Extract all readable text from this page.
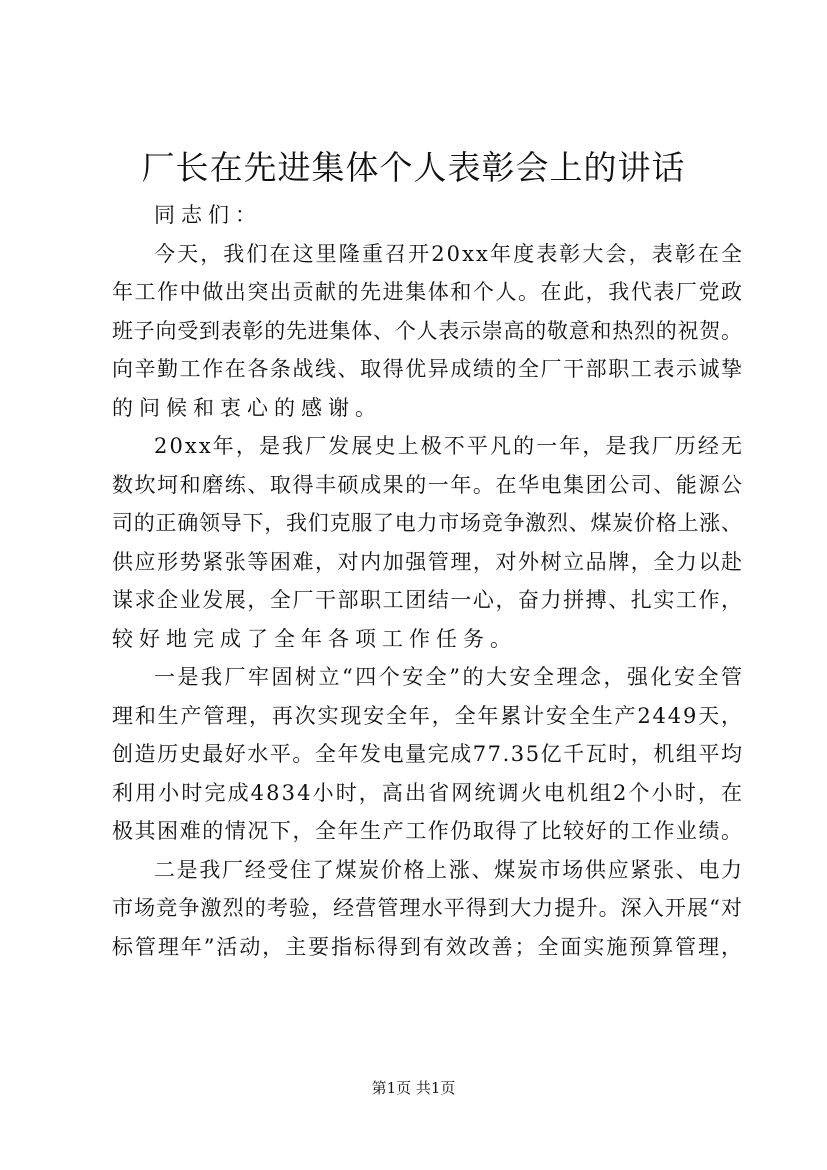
厂长在先进集体个人表彰会上的讲话
同志们：
今天，我们在这里隆重召开20xx年度表彰大会，表彰在全
年工作中做出突出贡献的先进集体和个人。在此，我代表厂党政
班子向受到表彰的先进集体、个人表示崇高的敬意和热烈的祝贺。
向辛勤工作在各条战线、取得优异成绩的全厂干部职工表示诚挚
的问候和衷心的感谢。
20xx年，是我厂发展史上极不平凡的一年，是我厂历经无
数坎坷和磨练、取得丰硕成果的一年。在华电集团公司、能源公
司的正确领导下，我们克服了电力市场竞争激烈、煤炭价格上涨、
供应形势紧张等困难，对内加强管理，对外树立品牌，全力以赴
谋求企业发展，全厂干部职工团结一心，奋力拼搏、扎实工作，
较好地完成了全年各项工作任务。
一是我厂牢固树立“四个安全”的大安全理念，强化安全管
理和生产管理，再次实现安全年，全年累计安全生产2449天，
创造历史最好水平。全年发电量完成77.35亿千瓦时，机组平均
利用小时完成4834小时，高出省网统调火电机组2个小时，在
极其困难的情况下，全年生产工作仍取得了比较好的工作业绩。
二是我厂经受住了煤炭价格上涨、煤炭市场供应紧张、电力
市场竞争激烈的考验，经营管理水平得到大力提升。深入开展“对
标管理年”活动，主要指标得到有效改善；全面实施预算管理，
第1页 共1页
